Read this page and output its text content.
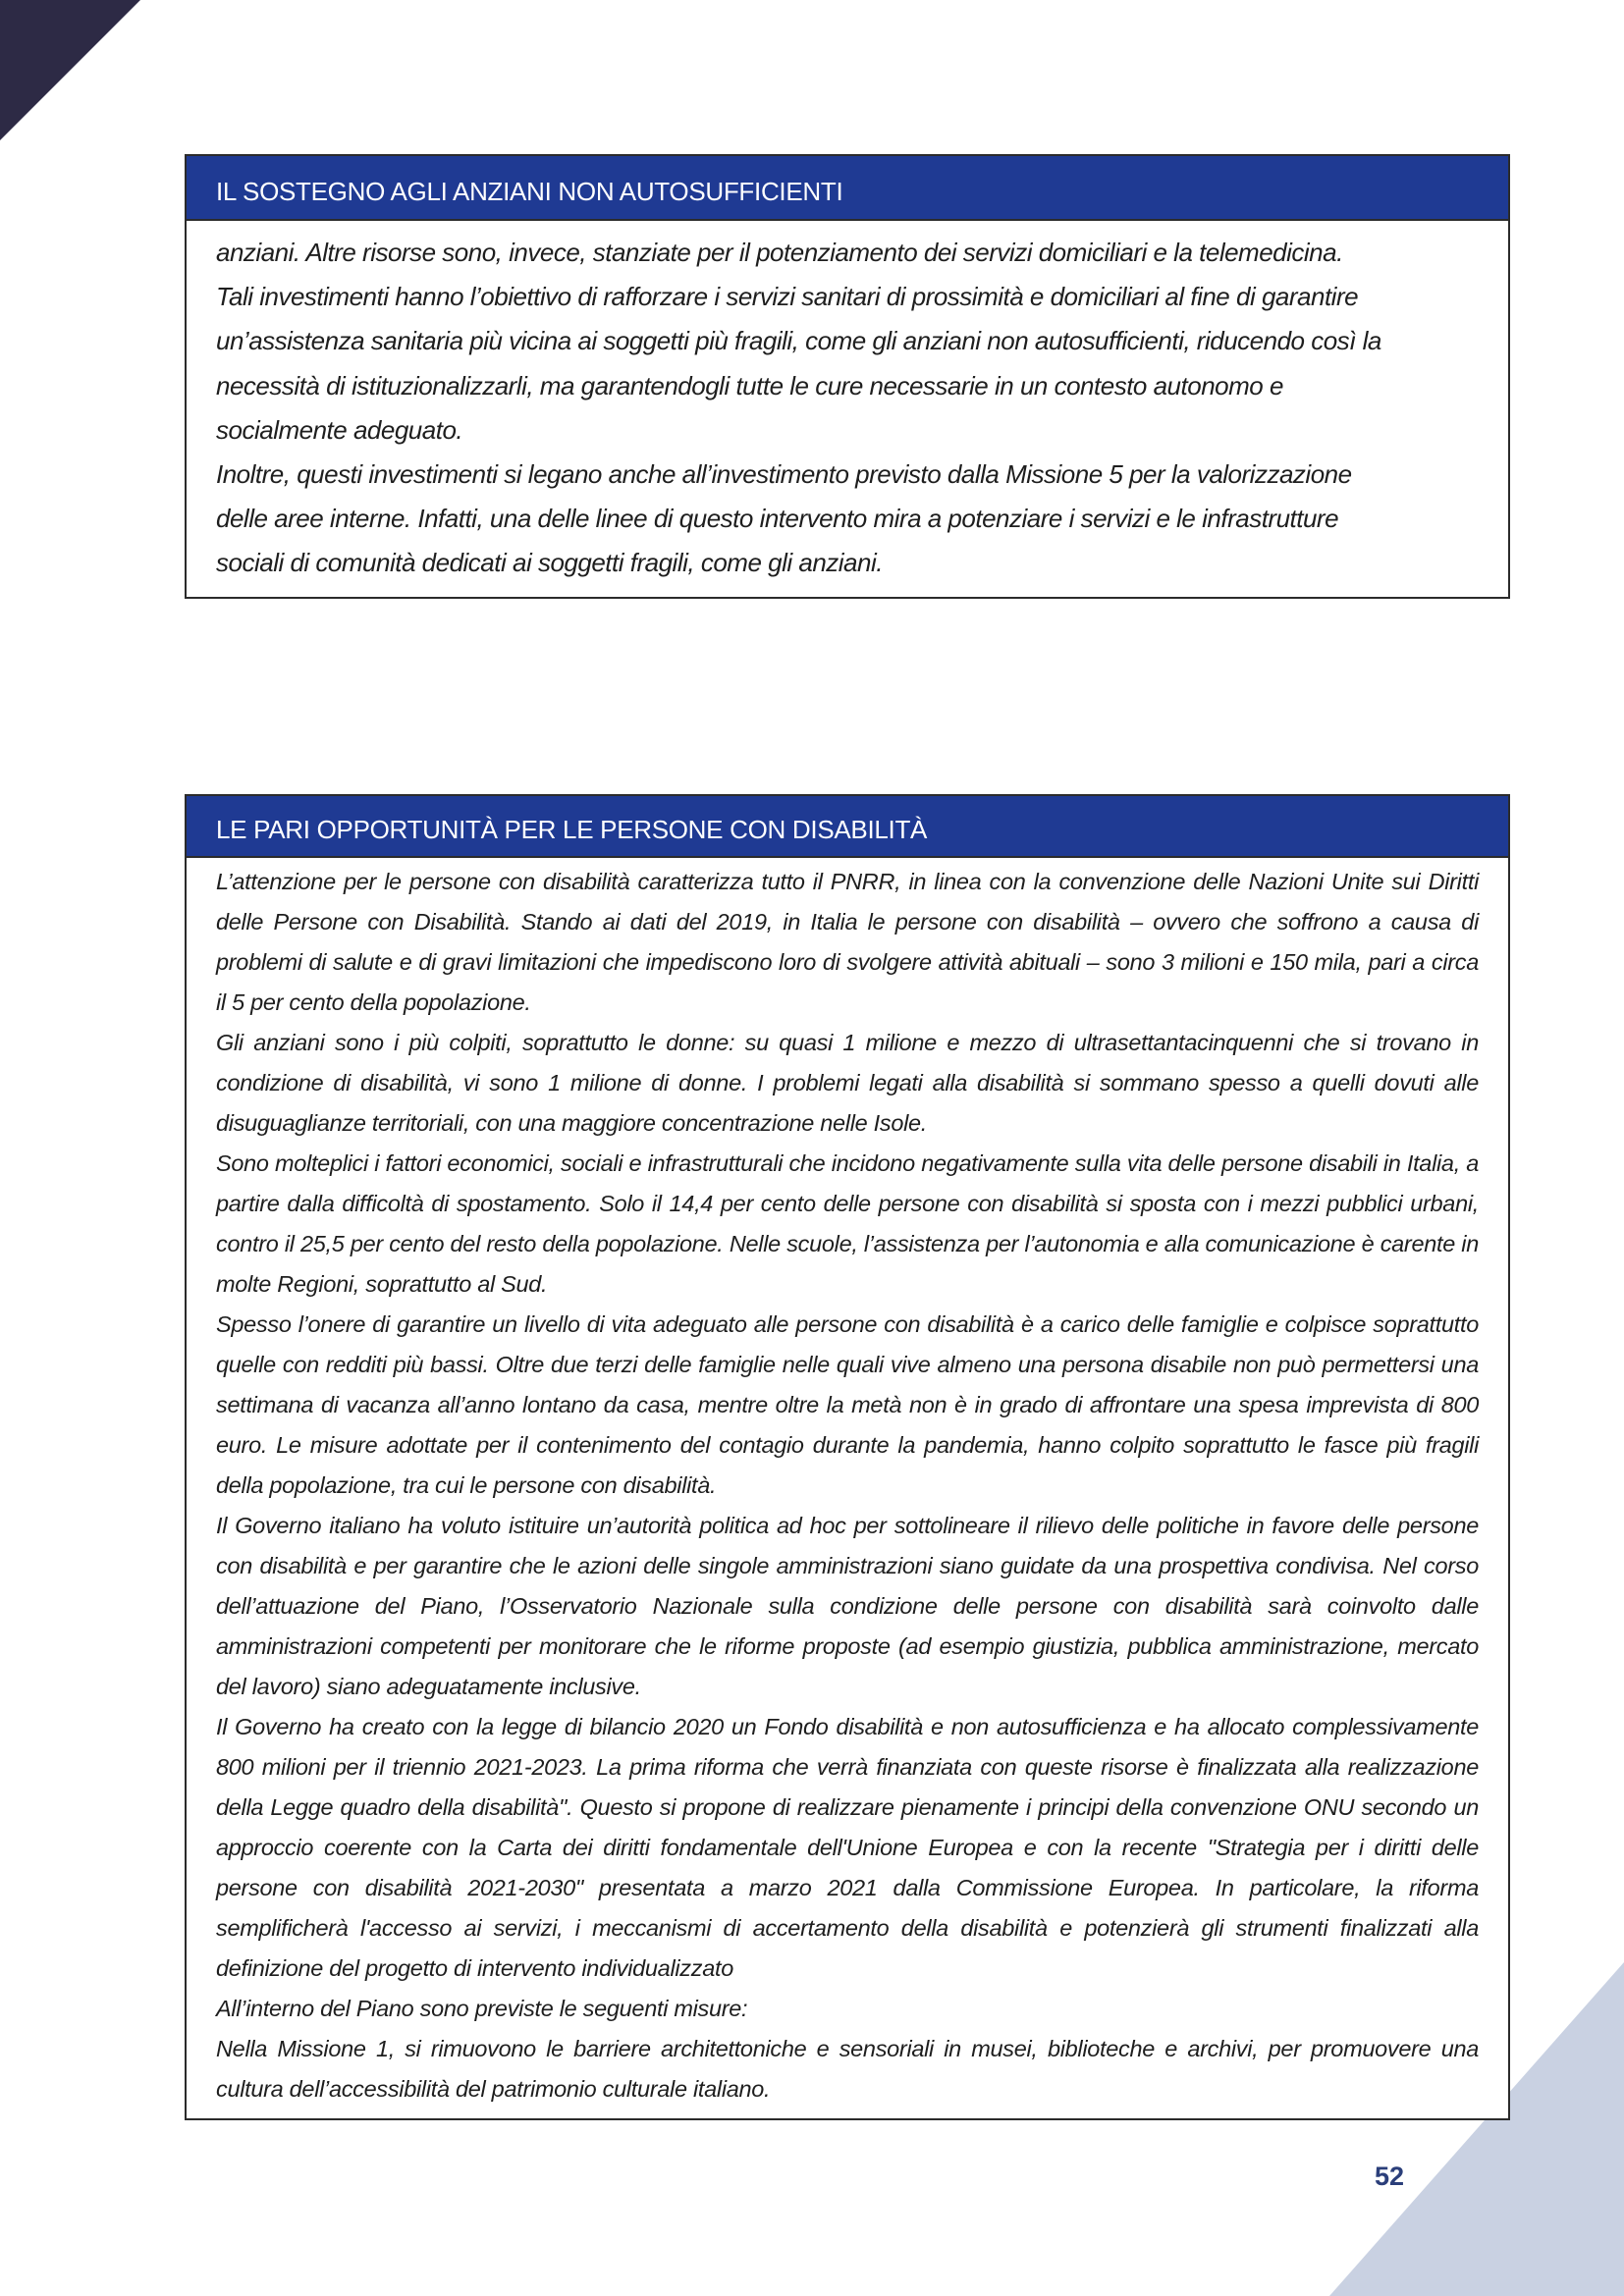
IL SOSTEGNO AGLI ANZIANI NON AUTOSUFFICIENTI

anziani. Altre risorse sono, invece, stanziate per il potenziamento dei servizi domiciliari e la telemedicina.

Tali investimenti hanno l’obiettivo di rafforzare i servizi sanitari di prossimità e domiciliari al fine di garantire

un’assistenza sanitaria più vicina ai soggetti più fragili, come gli anziani non autosufficienti, riducendo così la

necessità di istituzionalizzarli, ma garantendogli tutte le cure necessarie in un contesto autonomo e

socialmente adeguato.

Inoltre, questi investimenti si legano anche all’investimento previsto dalla Missione 5 per la valorizzazione

delle aree interne. Infatti, una delle linee di questo intervento mira a potenziare i servizi e le infrastrutture

sociali di comunità dedicati ai soggetti fragili, come gli anziani.

LE PARI OPPORTUNITÀ PER LE PERSONE CON DISABILITÀ

L’attenzione per le persone con disabilità caratterizza tutto il PNRR, in linea con la convenzione delle Nazioni Unite sui Diritti delle Persone con Disabilità. Stando ai dati del 2019, in Italia le persone con disabilità – ovvero che soffrono a causa di problemi di salute e di gravi limitazioni che impediscono loro di svolgere attività abituali – sono 3 milioni e 150 mila, pari a circa il 5 per cento della popolazione.

Gli anziani sono i più colpiti, soprattutto le donne: su quasi 1 milione e mezzo di ultrasettantacinquenni che si trovano in condizione di disabilità, vi sono 1 milione di donne. I problemi legati alla disabilità si sommano spesso a quelli dovuti alle disuguaglianze territoriali, con una maggiore concentrazione nelle Isole.

Sono molteplici i fattori economici, sociali e infrastrutturali che incidono negativamente sulla vita delle persone disabili in Italia, a partire dalla difficoltà di spostamento. Solo il 14,4 per cento delle persone con disabilità si sposta con i mezzi pubblici urbani, contro il 25,5 per cento del resto della popolazione. Nelle scuole, l’assistenza per l’autonomia e alla comunicazione è carente in molte Regioni, soprattutto al Sud.

Spesso l’onere di garantire un livello di vita adeguato alle persone con disabilità è a carico delle famiglie e colpisce soprattutto quelle con redditi più bassi. Oltre due terzi delle famiglie nelle quali vive almeno una persona disabile non può permettersi una settimana di vacanza all’anno lontano da casa, mentre oltre la metà non è in grado di affrontare una spesa imprevista di 800 euro. Le misure adottate per il contenimento del contagio durante la pandemia, hanno colpito soprattutto le fasce più fragili della popolazione, tra cui le persone con disabilità.

Il Governo italiano ha voluto istituire un’autorità politica ad hoc per sottolineare il rilievo delle politiche in favore delle persone con disabilità e per garantire che le azioni delle singole amministrazioni siano guidate da una prospettiva condivisa. Nel corso dell’attuazione del Piano, l’Osservatorio Nazionale sulla condizione delle persone con disabilità sarà coinvolto dalle amministrazioni competenti per monitorare che le riforme proposte (ad esempio giustizia, pubblica amministrazione, mercato del lavoro) siano adeguatamente inclusive.

Il Governo ha creato con la legge di bilancio 2020 un Fondo disabilità e non autosufficienza e ha allocato complessivamente 800 milioni per il triennio 2021-2023. La prima riforma che verrà finanziata con queste risorse è finalizzata alla realizzazione della Legge quadro della disabilità". Questo si propone di realizzare pienamente i principi della convenzione ONU secondo un approccio coerente con la Carta dei diritti fondamentale dell'Unione Europea e con la recente "Strategia per i diritti delle persone con disabilità 2021-2030" presentata a marzo 2021 dalla Commissione Europea. In particolare, la riforma semplificherà l'accesso ai servizi, i meccanismi di accertamento della disabilità e potenzierà gli strumenti finalizzati alla definizione del progetto di intervento individualizzato

All’interno del Piano sono previste le seguenti misure:

Nella Missione 1, si rimuovono le barriere architettoniche e sensoriali in musei, biblioteche e archivi, per promuovere una cultura dell’accessibilità del patrimonio culturale italiano.

52
